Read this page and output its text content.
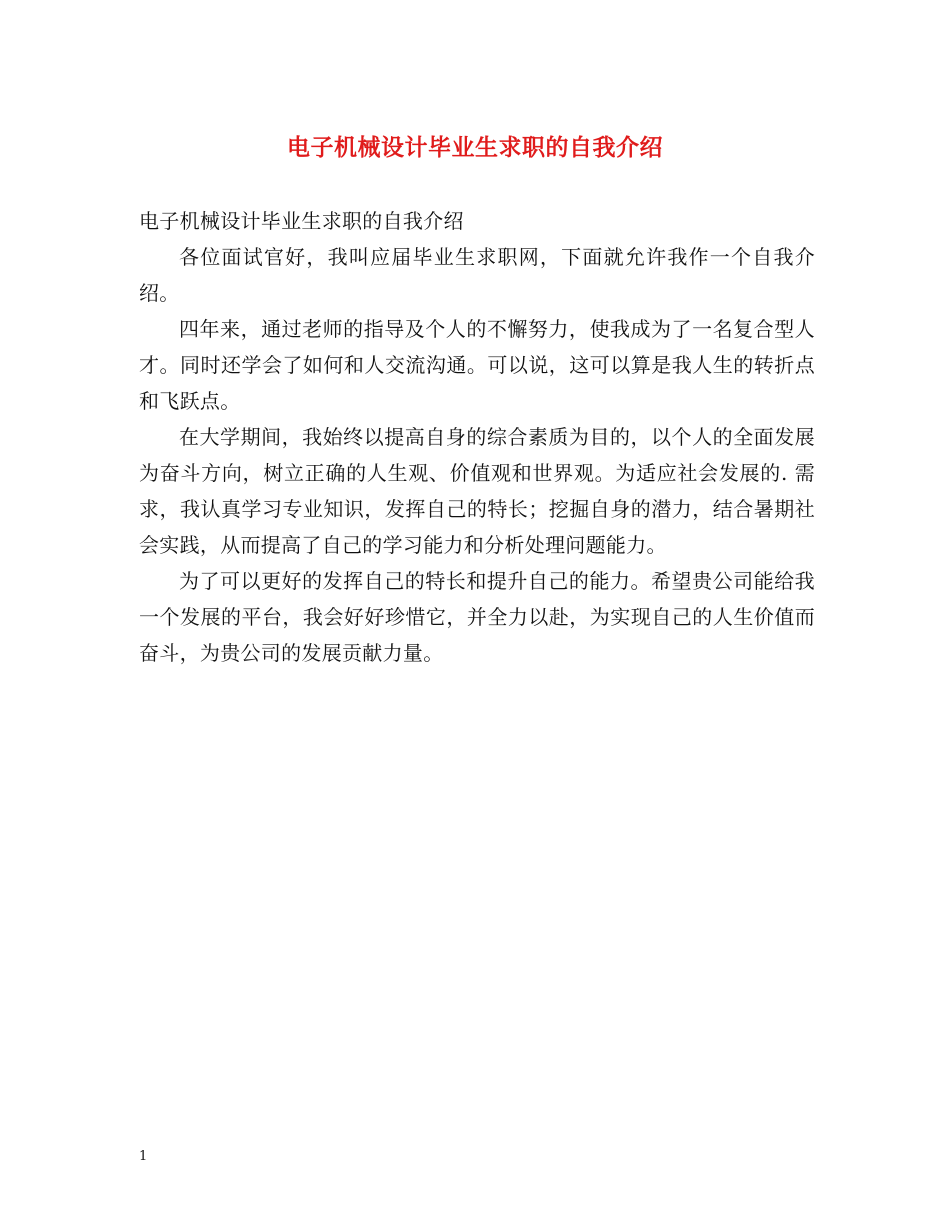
电子机械设计毕业生求职的自我介绍

电子机械设计毕业生求职的自我介绍

各位面试官好，我叫应届毕业生求职网，下面就允许我作一个自我介绍。

四年来，通过老师的指导及个人的不懈努力，使我成为了一名复合型人才。同时还学会了如何和人交流沟通。可以说，这可以算是我人生的转折点和飞跃点。

在大学期间，我始终以提高自身的综合素质为目的，以个人的全面发展为奋斗方向，树立正确的人生观、价值观和世界观。为适应社会发展的. 需求，我认真学习专业知识，发挥自己的特长；挖掘自身的潜力，结合暑期社会实践，从而提高了自己的学习能力和分析处理问题能力。

为了可以更好的发挥自己的特长和提升自己的能力。希望贵公司能给我一个发展的平台，我会好好珍惜它，并全力以赴，为实现自己的人生价值而奋斗，为贵公司的发展贡献力量。

1
